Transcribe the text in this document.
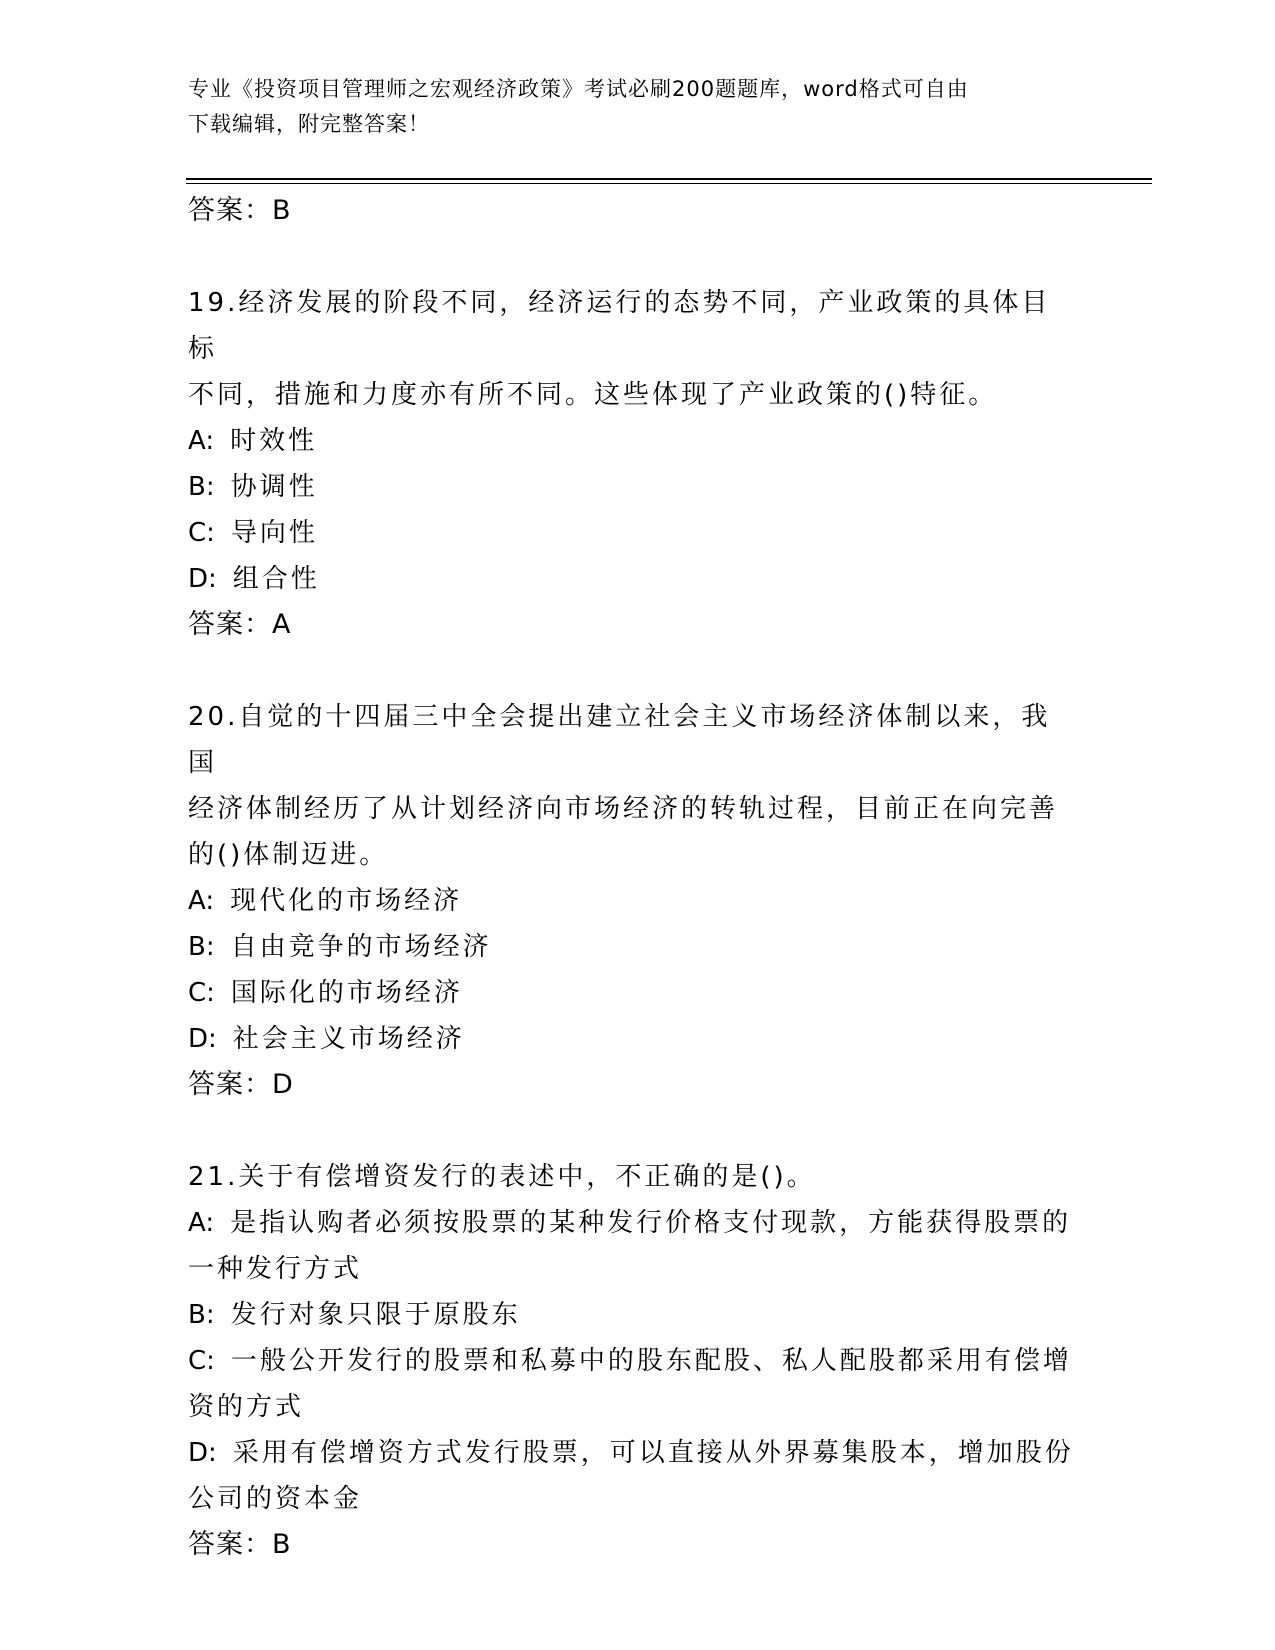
专业《投资项目管理师之宏观经济政策》考试必刷200题题库，word格式可自由
下载编辑，附完整答案！

答案：B

19.经济发展的阶段不同，经济运行的态势不同，产业政策的具体目标

不同，措施和力度亦有所不同。这些体现了产业政策的()特征。

A: 时效性

B: 协调性

C: 导向性

D: 组合性

答案：A

20.自觉的十四届三中全会提出建立社会主义市场经济体制以来，我国

经济体制经历了从计划经济向市场经济的转轨过程，目前正在向完善

的()体制迈进。

A: 现代化的市场经济

B: 自由竞争的市场经济

C: 国际化的市场经济

D: 社会主义市场经济

答案：D

21.关于有偿增资发行的表述中，不正确的是()。

A: 是指认购者必须按股票的某种发行价格支付现款，方能获得股票的

一种发行方式

B: 发行对象只限于原股东

C: 一般公开发行的股票和私募中的股东配股、私人配股都采用有偿增

资的方式

D: 采用有偿增资方式发行股票，可以直接从外界募集股本，增加股份

公司的资本金

答案：B
